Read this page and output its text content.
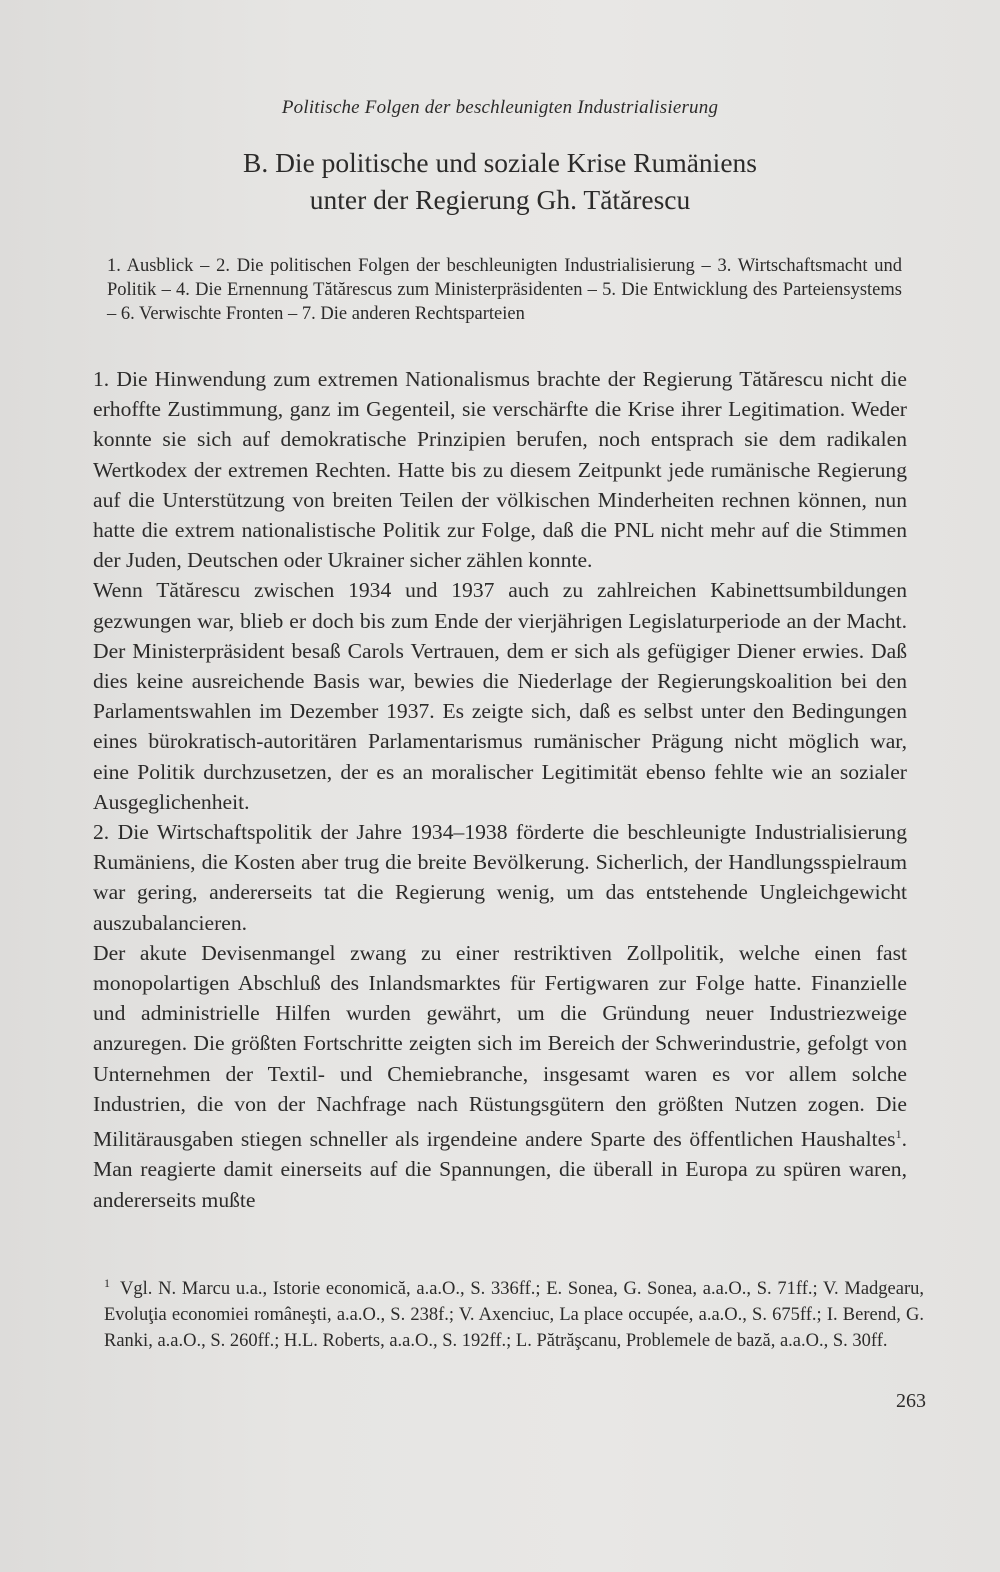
Politische Folgen der beschleunigten Industrialisierung
B. Die politische und soziale Krise Rumäniens
unter der Regierung Gh. Tătărescu
1. Ausblick – 2. Die politischen Folgen der beschleunigten Industrialisierung – 3. Wirtschaftsmacht und Politik – 4. Die Ernennung Tătărescus zum Ministerpräsidenten – 5. Die Entwicklung des Parteiensystems – 6. Verwischte Fronten – 7. Die anderen Rechtsparteien

1. Die Hinwendung zum extremen Nationalismus brachte der Regierung Tătărescu nicht die erhoffte Zustimmung, ganz im Gegenteil, sie verschärfte die Krise ihrer Legitimation. Weder konnte sie sich auf demokratische Prinzipien berufen, noch entsprach sie dem radikalen Wertkodex der extremen Rechten. Hatte bis zu diesem Zeitpunkt jede rumänische Regierung auf die Unterstützung von breiten Teilen der völkischen Minderheiten rechnen können, nun hatte die extrem nationalistische Politik zur Folge, daß die PNL nicht mehr auf die Stimmen der Juden, Deutschen oder Ukrainer sicher zählen konnte.

Wenn Tătărescu zwischen 1934 und 1937 auch zu zahlreichen Kabinettsumbildungen gezwungen war, blieb er doch bis zum Ende der vierjährigen Legislaturperiode an der Macht. Der Ministerpräsident besaß Carols Vertrauen, dem er sich als gefügiger Diener erwies. Daß dies keine ausreichende Basis war, bewies die Niederlage der Regierungskoalition bei den Parlamentswahlen im Dezember 1937. Es zeigte sich, daß es selbst unter den Bedingungen eines bürokratisch-autoritären Parlamentarismus rumänischer Prägung nicht möglich war, eine Politik durchzusetzen, der es an moralischer Legitimität ebenso fehlte wie an sozialer Ausgeglichenheit.

2. Die Wirtschaftspolitik der Jahre 1934–1938 förderte die beschleunigte Industrialisierung Rumäniens, die Kosten aber trug die breite Bevölkerung. Sicherlich, der Handlungsspielraum war gering, andererseits tat die Regierung wenig, um das entstehende Ungleichgewicht auszubalancieren.

Der akute Devisenmangel zwang zu einer restriktiven Zollpolitik, welche einen fast monopolartigen Abschluß des Inlandsmarktes für Fertigwaren zur Folge hatte. Finanzielle und administrielle Hilfen wurden gewährt, um die Gründung neuer Industriezweige anzuregen. Die größten Fortschritte zeigten sich im Bereich der Schwerindustrie, gefolgt von Unternehmen der Textil- und Chemiebranche, insgesamt waren es vor allem solche Industrien, die von der Nachfrage nach Rüstungsgütern den größten Nutzen zogen. Die Militärausgaben stiegen schneller als irgendeine andere Sparte des öffentlichen Haushaltes$^1$. Man reagierte damit einerseits auf die Spannungen, die überall in Europa zu spüren waren, andererseits mußte

$^1$ Vgl. N. Marcu u.a., Istorie economică, a.a.O., S. 336ff.; E. Sonea, G. Sonea, a.a.O., S. 71ff.; V. Madgearu, Evoluţia economiei româneşti, a.a.O., S. 238f.; V. Axenciuc, La place occupée, a.a.O., S. 675ff.; I. Berend, G. Ranki, a.a.O., S. 260ff.; H.L. Roberts, a.a.O., S. 192ff.; L. Pătrăşcanu, Problemele de bază, a.a.O., S. 30ff.
263
